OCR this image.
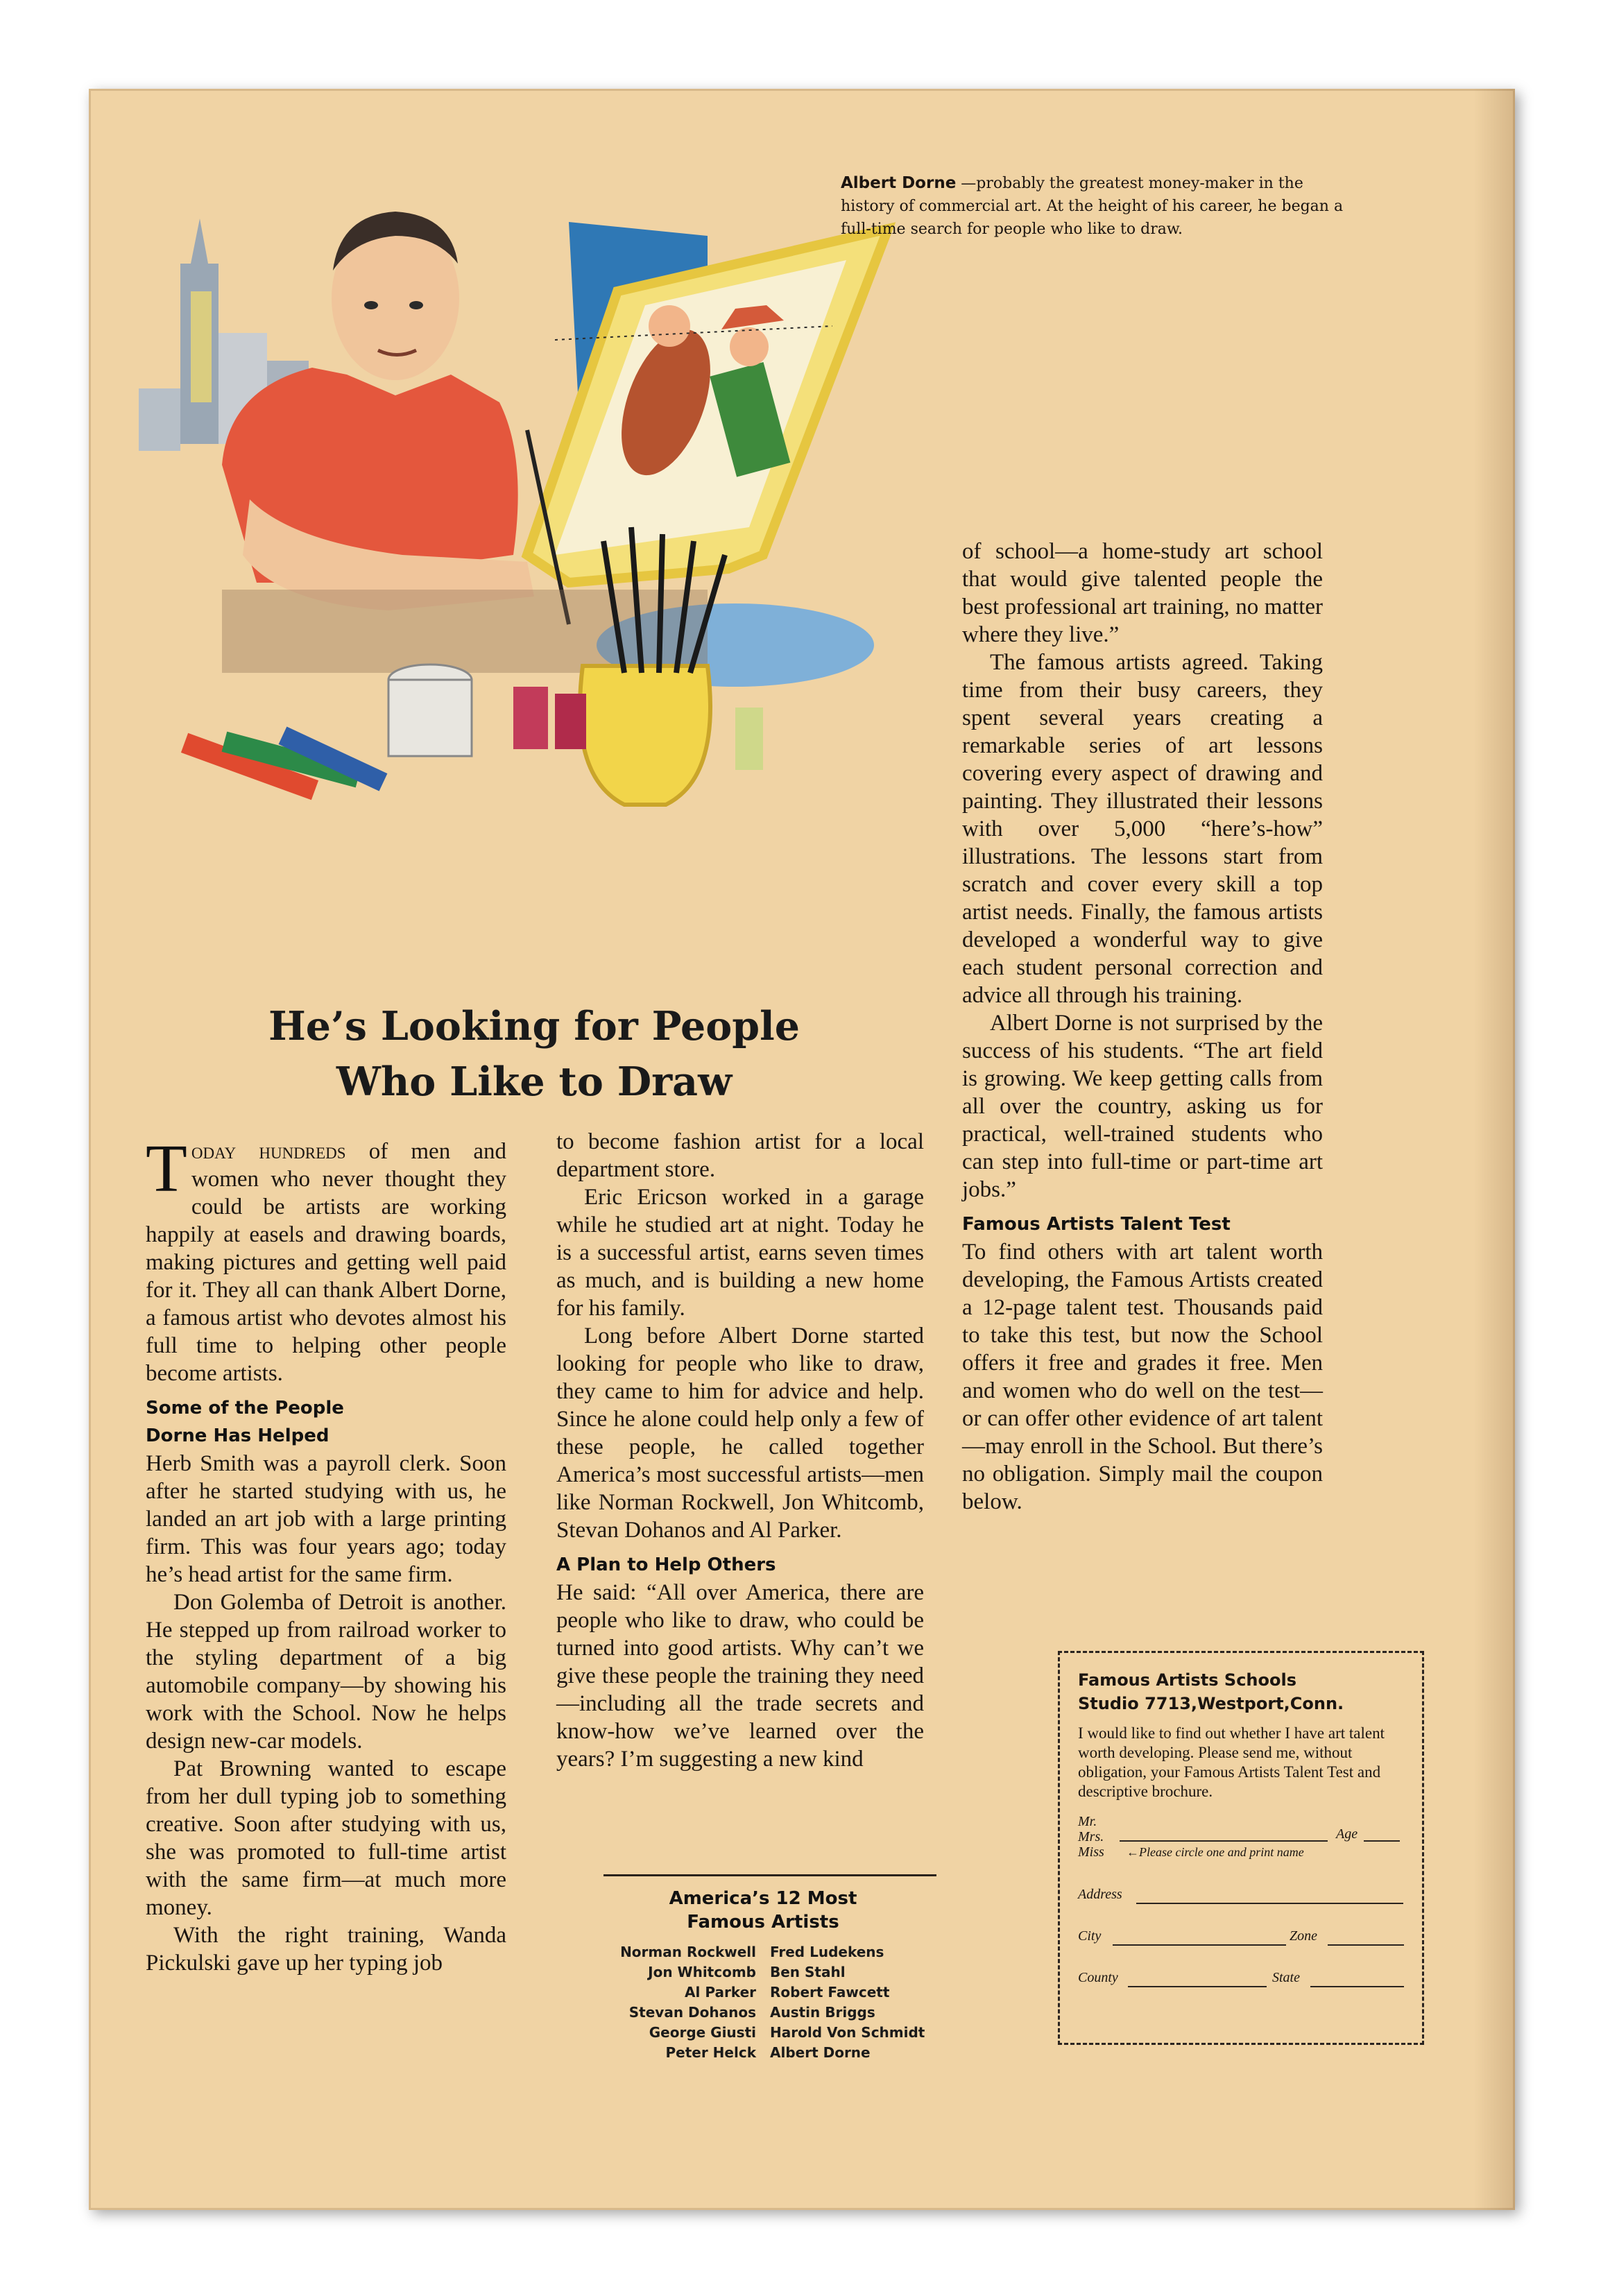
Albert Dorne —probably the greatest money-maker in the history of commercial art. At the height of his career, he began a full-time search for people who like to draw.
He’s Looking for People
Who Like to Draw

Today hundreds of men and women who never thought they could be artists are working happily at easels and drawing boards, making pictures and getting well paid for it. They all can thank Albert Dorne, a famous artist who devotes almost his full time to helping other people become artists.

Some of the People
Dorne Has Helped

Herb Smith was a payroll clerk. Soon after he started studying with us, he landed an art job with a large printing firm. This was four years ago; today he’s head artist for the same firm.

Don Golemba of Detroit is another. He stepped up from railroad worker to the styling department of a big automobile company—by showing his work with the School. Now he helps design new-car models.

Pat Browning wanted to escape from her dull typing job to something creative. Soon after studying with us, she was promoted to full-time artist with the same firm—at much more money.

With the right training, Wanda Pickulski gave up her typing job

to become fashion artist for a local department store.

Eric Ericson worked in a garage while he studied art at night. Today he is a successful artist, earns seven times as much, and is building a new home for his family.

Long before Albert Dorne started looking for people who like to draw, they came to him for advice and help. Since he alone could help only a few of these people, he called together America’s most successful artists—men like Norman Rockwell, Jon Whitcomb, Stevan Dohanos and Al Parker.

A Plan to Help Others

He said: “All over America, there are people who like to draw, who could be turned into good artists. Why can’t we give these people the training they need—including all the trade secrets and know-how we’ve learned over the years? I’m suggesting a new kind

America’s 12 Most
Famous Artists
Norman Rockwell	Fred Ludekens
Jon Whitcomb	Ben Stahl
Al Parker	Robert Fawcett
Stevan Dohanos	Austin Briggs
George Giusti	Harold Von Schmidt
Peter Helck	Albert Dorne

of school—a home-study art school that would give talented people the best professional art training, no matter where they live.”

The famous artists agreed. Taking time from their busy careers, they spent several years creating a remarkable series of art lessons covering every aspect of drawing and painting. They illustrated their lessons with over 5,000 “here’s-how” illustrations. The lessons start from scratch and cover every skill a top artist needs. Finally, the famous artists developed a wonderful way to give each student personal correction and advice all through his training.

Albert Dorne is not surprised by the success of his students. “The art field is growing. We keep getting calls from all over the country, asking us for practical, well-trained students who can step into full-time or part-time art jobs.”

Famous Artists Talent Test

To find others with art talent worth developing, the Famous Artists created a 12-page talent test. Thousands paid to take this test, but now the School offers it free and grades it free. Men and women who do well on the test—or can offer other evidence of art talent—may enroll in the School. But there’s no obligation. Simply mail the coupon below.

Famous Artists Schools
Studio 7713,Westport,Conn.
I would like to find out whether I have art talent worth developing. Please send me, without obligation, your Famous Artists Talent Test and descriptive brochure.
Mr.
Mrs.
Miss ←Please circle one and print name
Age
Address
City	Zone
County	State
